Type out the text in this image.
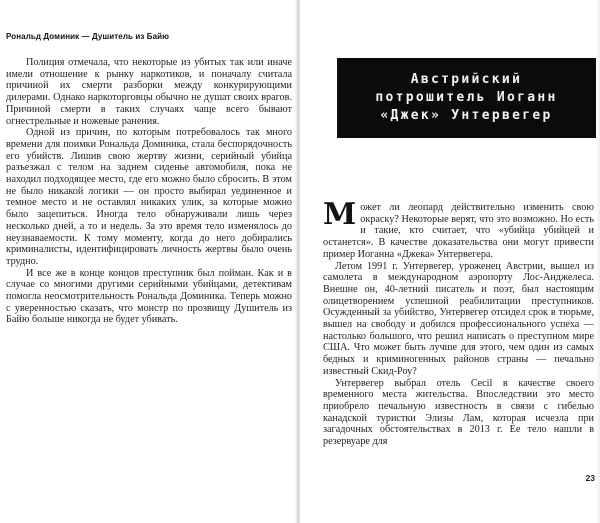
Рональд Доминик — Душитель из Байю

Полиция отмечала, что некоторые из убитых так или иначе имели отношение к рынку наркотиков, и поначалу считала причиной их смерти разборки между конкурирующими дилерами. Однако наркоторговцы обычно не душат своих врагов. Причиной смерти в таких случаях чаще всего бывают огнестрельные и ножевые ранения.

Одной из причин, по которым потребовалось так много времени для поимки Рональда Доминика, стала беспорядочность его убийств. Лишив свою жертву жизни, серийный убийца разъезжал с телом на заднем сиденье автомобиля, пока не находил подходящее место, где его можно было сбросить. В этом не было никакой логики — он просто выбирал уединенное и темное место и не оставлял никаких улик, за которые можно было зацепиться. Иногда тело обнаруживали лишь через несколько дней, а то и недель. За это время тело изменялось до неузнаваемости. К тому моменту, когда до него добирались криминалисты, идентифицировать личность жертвы было очень трудно.

И все же в конце концов преступник был пойман. Как и в случае со многими другими серийными убийцами, детективам помогла неосмотрительность Рональда Доминика. Теперь можно с уверенностью сказать, что монстр по прозвищу Душитель из Байю больше никогда не будет убивать.

Австрийский
потрошитель Иоганн
«Джек» Унтервегер

Может ли леопард действительно изменить свою окраску? Некоторые верят, что это возможно. Но есть и такие, кто считает, что «убийца убийцей и останется». В качестве доказательства они могут привести пример Иоганна «Джека» Унтервегера.

Летом 1991 г. Унтервегер, уроженец Австрии, вышел из самолета в международном аэропорту Лос-Анджелеса. Внешне он, 40-летний писатель и поэт, был настоящим олицетворением успешной реабилитации преступников. Осужденный за убийство, Унтервегер отсидел срок в тюрьме, вышел на свободу и добился профессионального успеха — настолько большого, что решил написать о преступном мире США. Что может быть лучше для этого, чем один из самых бедных и криминогенных районов страны — печально известный Скид-Роу?

Унтервегер выбрал отель Cecil в качестве своего временного места жительства. Впоследствии это место приобрело печальную известность в связи с гибелью канадской туристки Элизы Лам, которая исчезла при загадочных обстоятельствах в 2013 г. Ее тело нашли в резервуаре для

23
